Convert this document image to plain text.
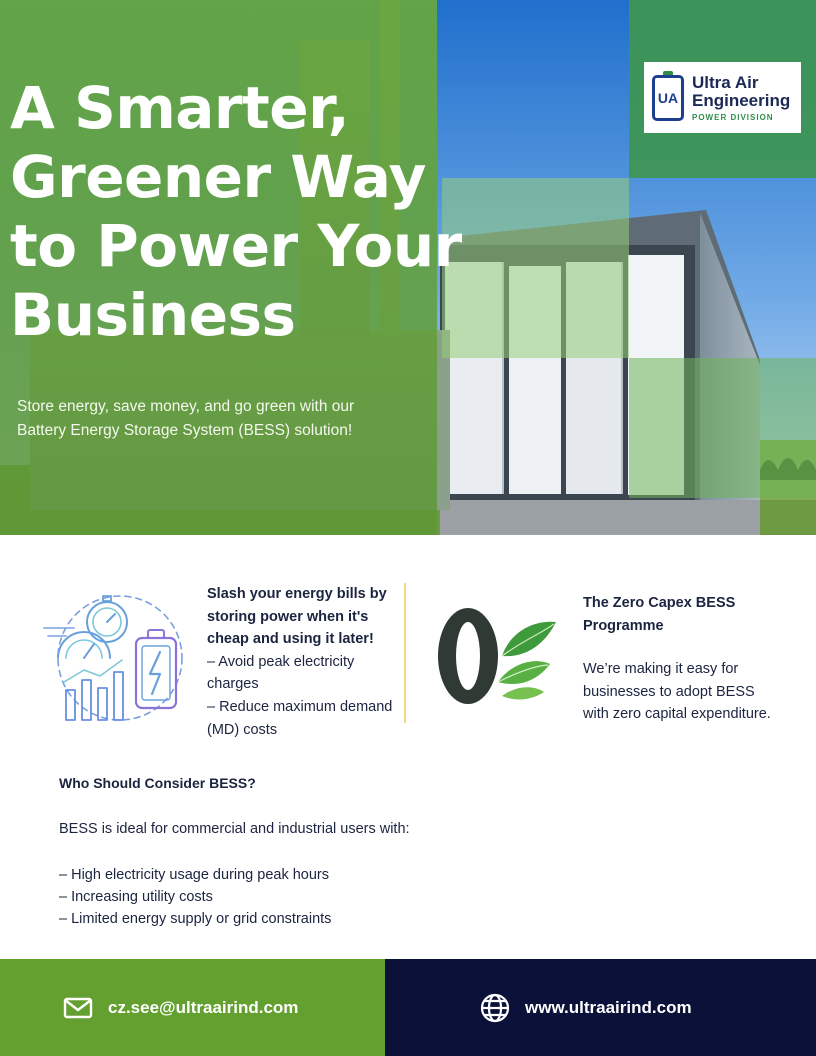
A Smarter,
Greener Way
to Power Your
Business

Store energy, save money, and go green with our
Battery Energy Storage System (BESS) solution!

UA
Ultra Air
Engineering
POWER DIVISION
Slash your energy bills by
storing power when it's
cheap and using it later!
– Avoid peak electricity
charges
– Reduce maximum demand
(MD) costs
The Zero Capex BESS
Programme
We’re making it easy for
businesses to adopt BESS
with zero capital expenditure.
Who Should Consider BESS?
BESS is ideal for commercial and industrial users with:
– High electricity usage during peak hours
– Increasing utility costs
– Limited energy supply or grid constraints
cz.see@ultraairind.com	www.ultraairind.com
